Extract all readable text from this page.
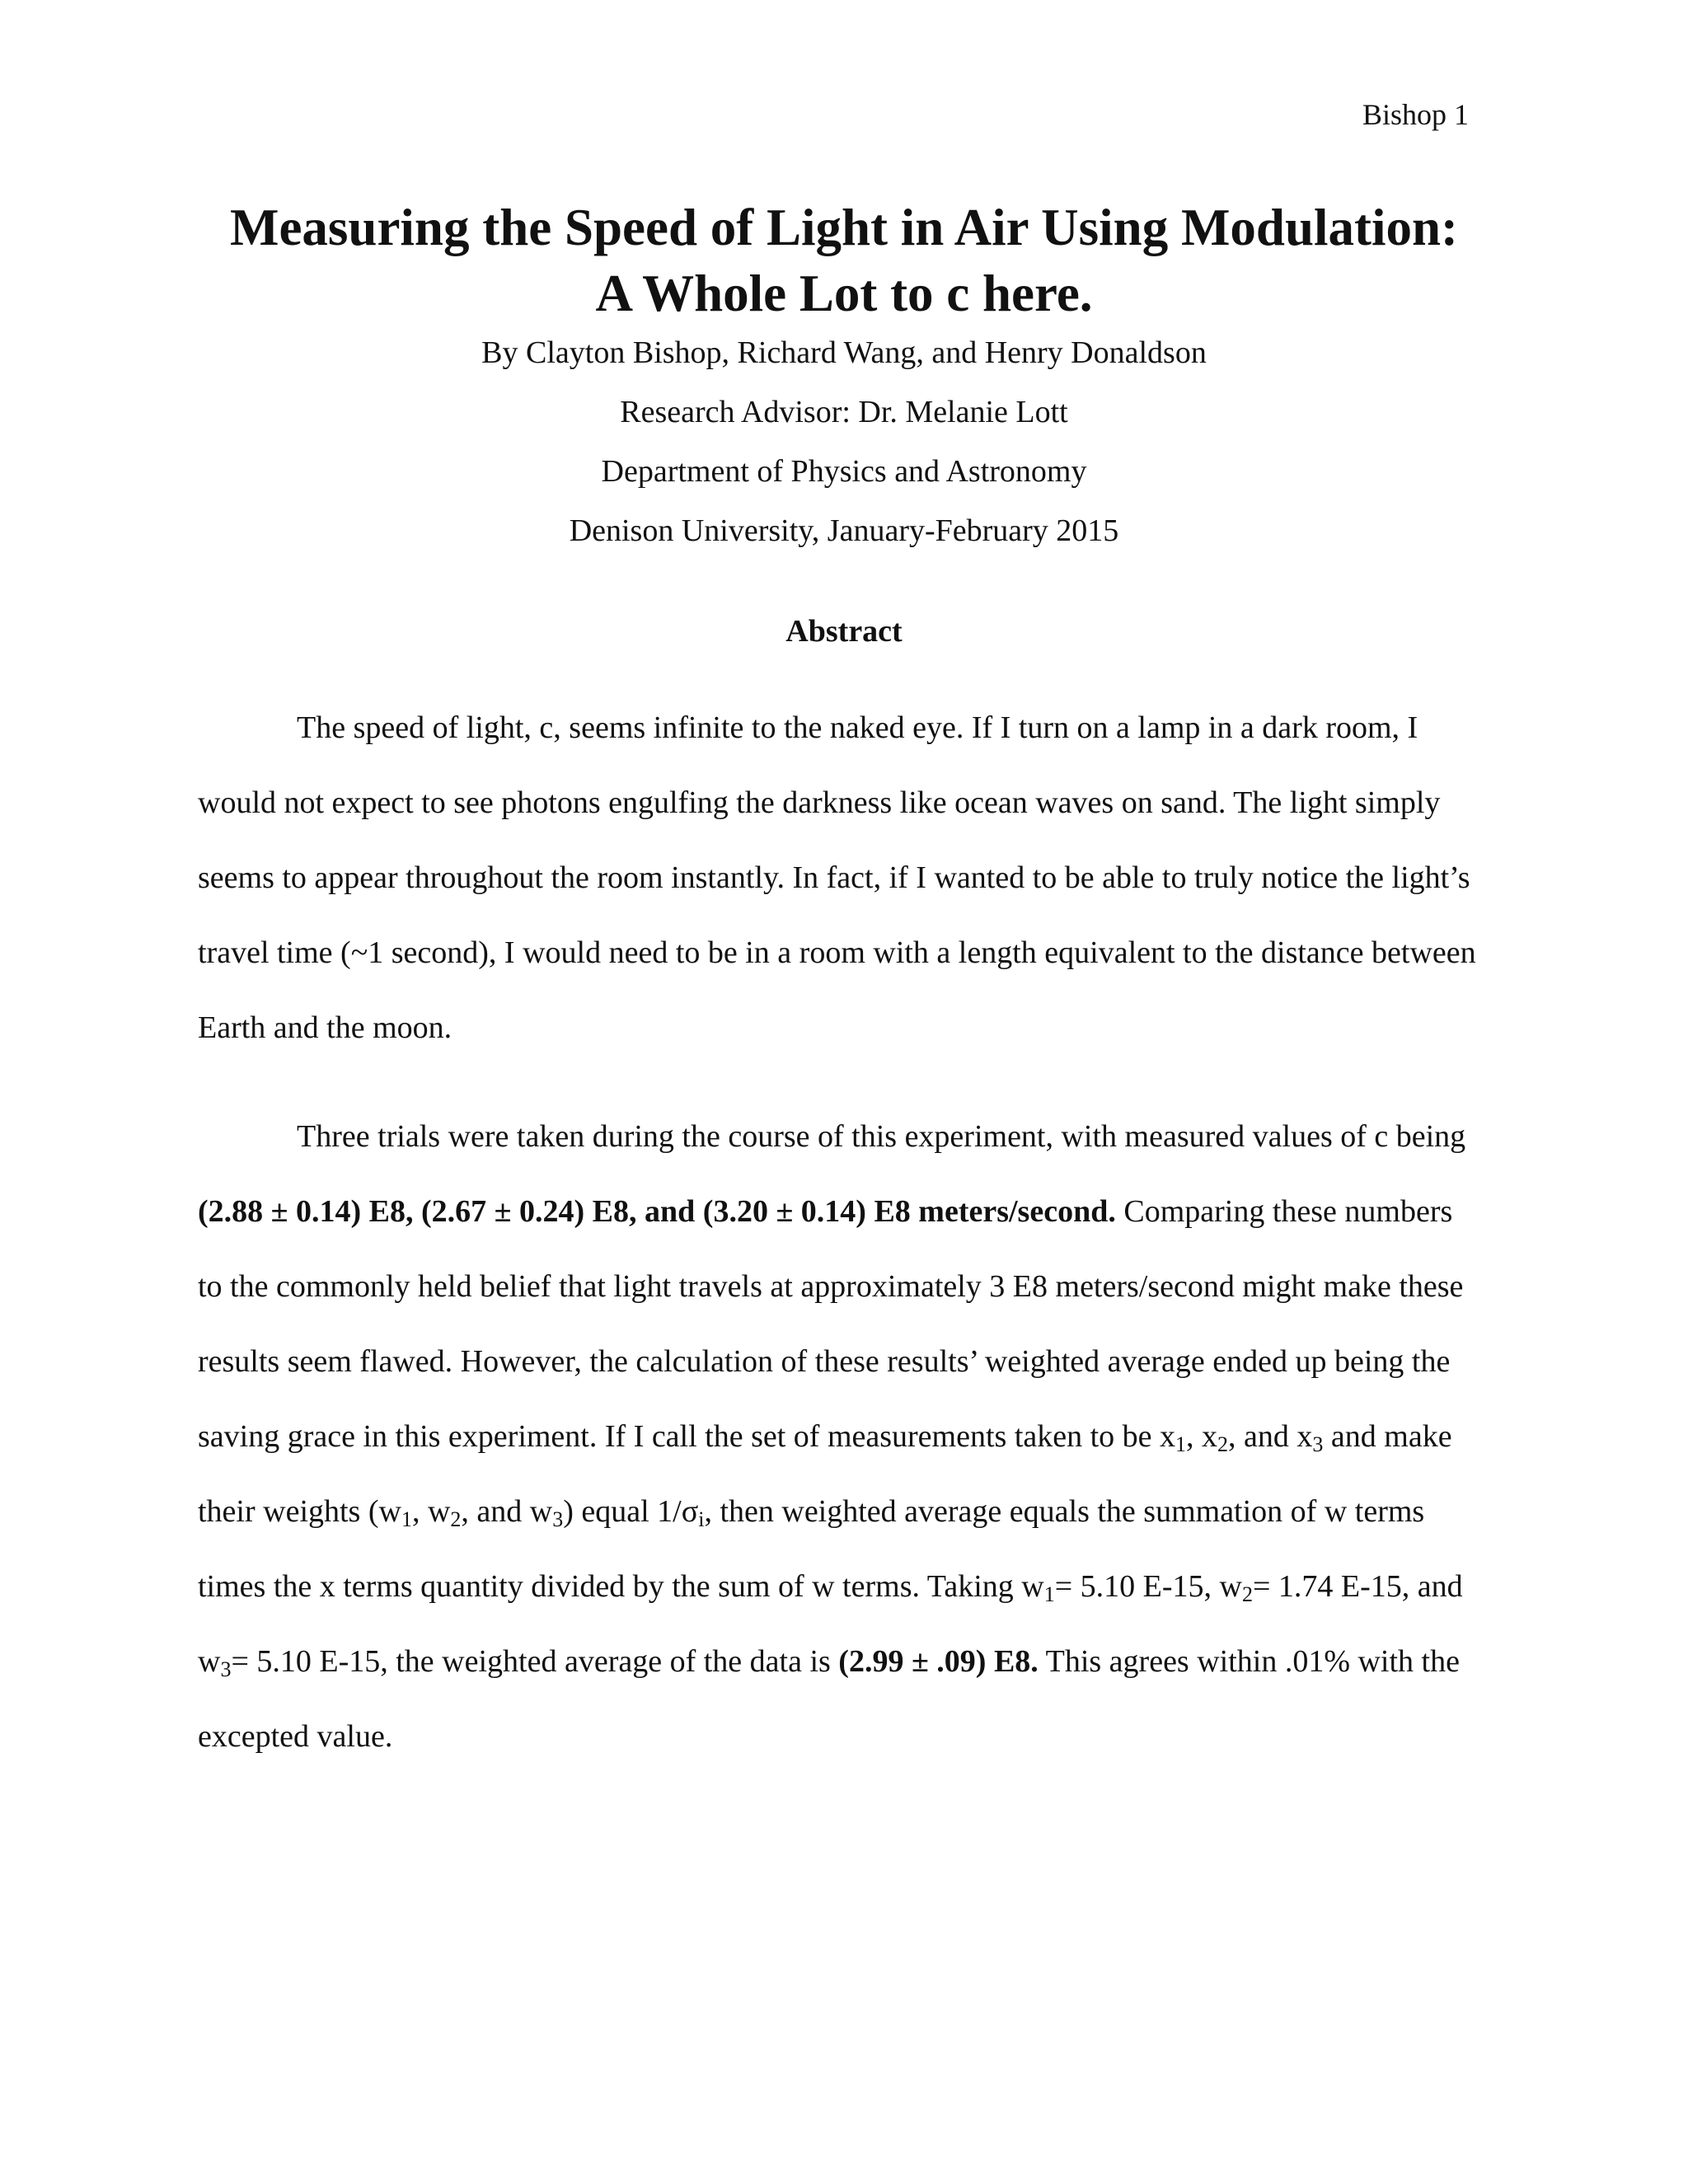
Bishop 1
Measuring the Speed of Light in Air Using Modulation:
A Whole Lot to c here.
By Clayton Bishop, Richard Wang, and Henry Donaldson
Research Advisor: Dr. Melanie Lott
Department of Physics and Astronomy
Denison University, January-February 2015
Abstract

The speed of light, c, seems infinite to the naked eye. If I turn on a lamp in a dark room, I would not expect to see photons engulfing the darkness like ocean waves on sand. The light simply seems to appear throughout the room instantly. In fact, if I wanted to be able to truly notice the light’s travel time (~1 second), I would need to be in a room with a length equivalent to the distance between Earth and the moon.

Three trials were taken during the course of this experiment, with measured values of c being (2.88 ± 0.14) E8, (2.67 ± 0.24) E8, and (3.20 ± 0.14) E8 meters/second. Comparing these numbers to the commonly held belief that light travels at approximately 3 E8 meters/second might make these results seem flawed. However, the calculation of these results’ weighted average ended up being the saving grace in this experiment. If I call the set of measurements taken to be $x_1$, $x_2$, and $x_3$ and make their weights ($w_1$, $w_2$, and $w_3$) equal $1/\sigma_i$, then weighted average equals the summation of w terms times the x terms quantity divided by the sum of w terms. Taking $w_1= 5.10$ E-15, $w_2= 1.74$ E-15, and $w_3= 5.10$ E-15, the weighted average of the data is (2.99 ± .09) E8. This agrees within .01% with the excepted value.
